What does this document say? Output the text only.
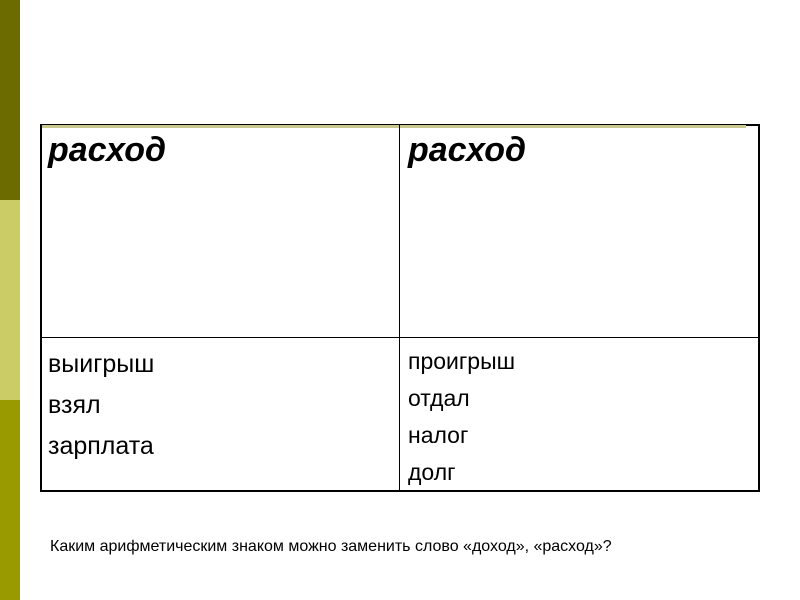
расход	расход
выигрыш
взял
зарплата
проигрыш
отдал
налог
долг
Каким арифметическим знаком можно заменить слово «доход», «расход»?
